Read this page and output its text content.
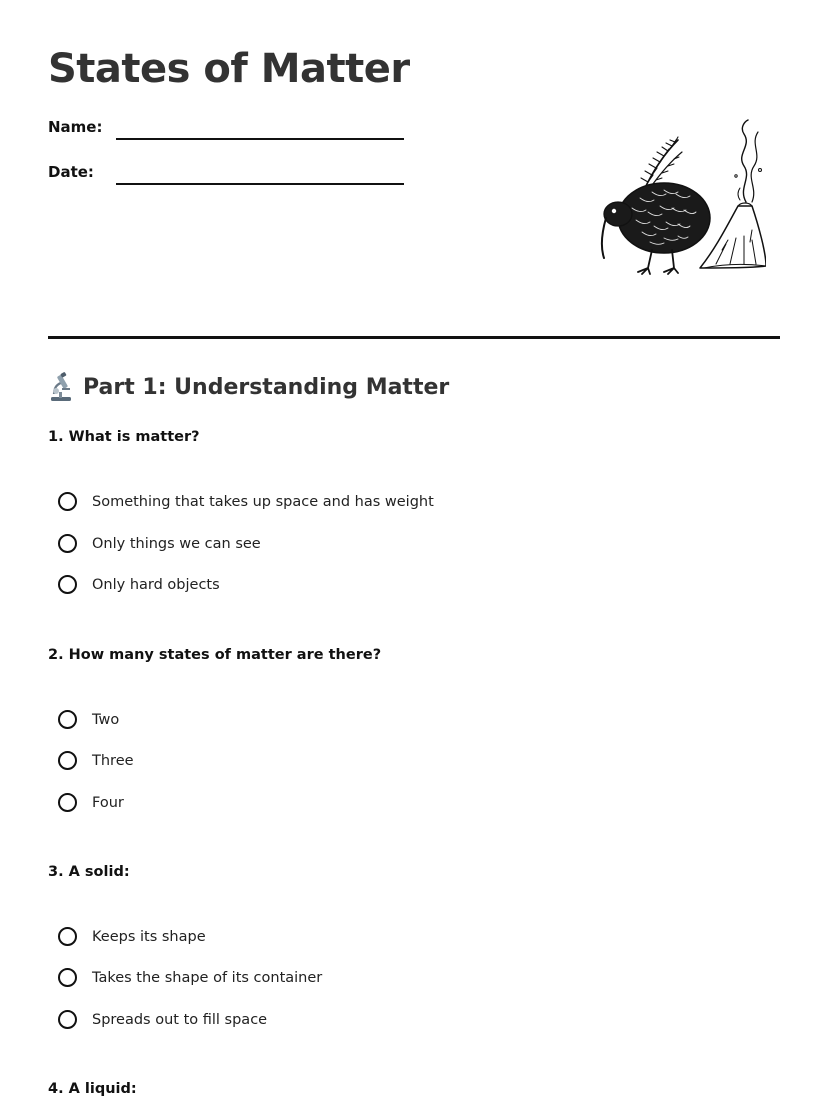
States of Matter
Name:
Date:
Part 1: Understanding Matter
1. What is matter?
Something that takes up space and has weight
Only things we can see
Only hard objects
2. How many states of matter are there?
Two
Three
Four
3. A solid:
Keeps its shape
Takes the shape of its container
Spreads out to fill space
4. A liquid:
